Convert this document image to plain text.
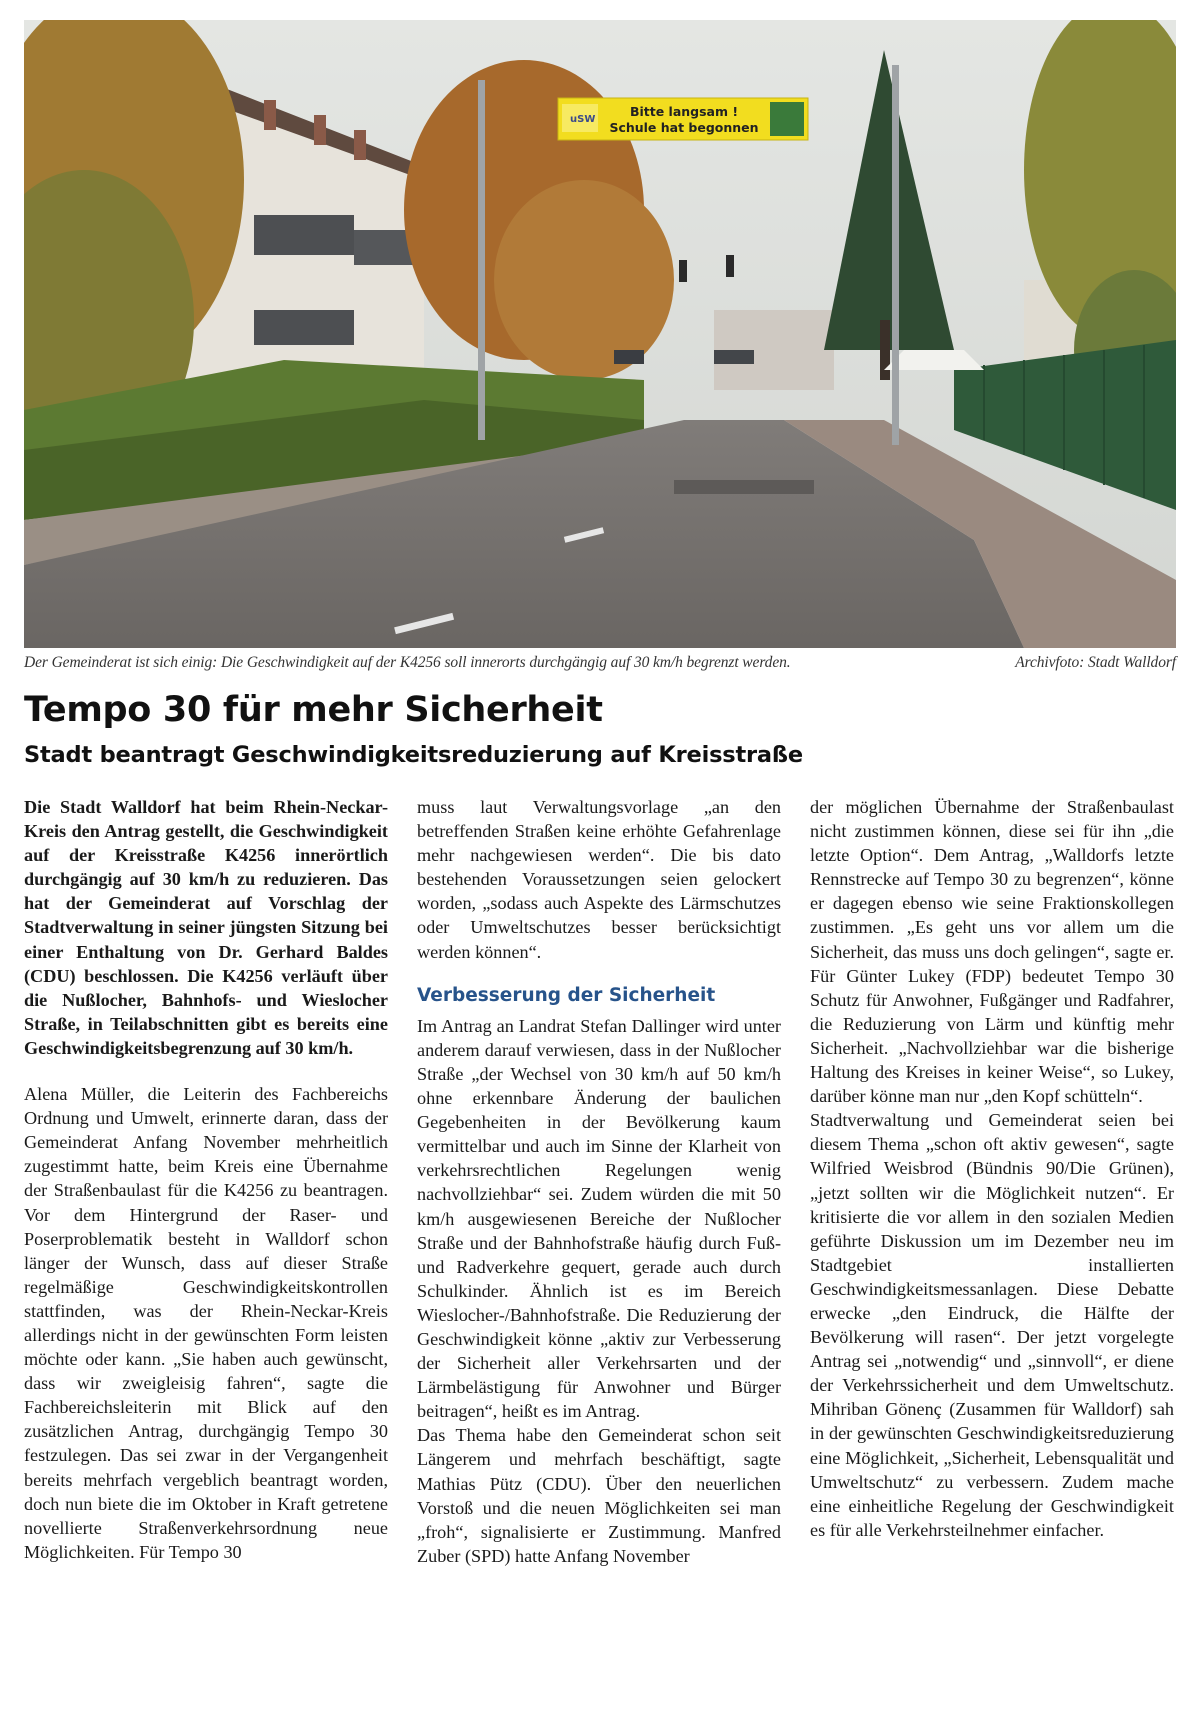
uSW
Bitte langsam !
Schule hat begonnen
Der Gemeinderat ist sich einig: Die Geschwindigkeit auf der K4256 soll innerorts durchgängig auf 30 km/h begrenzt werden.	Archivfoto: Stadt Walldorf
Tempo 30 für mehr Sicherheit
Stadt beantragt Geschwindigkeitsreduzierung auf Kreisstraße

Die Stadt Walldorf hat beim Rhein-Neckar-Kreis den Antrag gestellt, die Geschwindigkeit auf der Kreisstraße K4256 innerörtlich durchgängig auf 30 km/h zu reduzieren. Das hat der Gemeinderat auf Vorschlag der Stadtverwaltung in seiner jüngsten Sitzung bei einer Enthaltung von Dr. Gerhard Baldes (CDU) beschlossen. Die K4256 verläuft über die Nußlocher, Bahnhofs- und Wieslocher Straße, in Teilabschnitten gibt es bereits eine Geschwindigkeitsbegrenzung auf 30 km/h.

Alena Müller, die Leiterin des Fachbereichs Ordnung und Umwelt, erinnerte daran, dass der Gemeinderat Anfang November mehrheitlich zugestimmt hatte, beim Kreis eine Übernahme der Straßenbaulast für die K4256 zu beantragen. Vor dem Hintergrund der Raser- und Poserproblematik besteht in Walldorf schon länger der Wunsch, dass auf dieser Straße regelmäßige Geschwindigkeitskontrollen stattfinden, was der Rhein-Neckar-Kreis allerdings nicht in der gewünschten Form leisten möchte oder kann. „Sie haben auch gewünscht, dass wir zweigleisig fahren“, sagte die Fachbereichsleiterin mit Blick auf den zusätzlichen Antrag, durchgängig Tempo 30 festzulegen. Das sei zwar in der Vergangenheit bereits mehrfach vergeblich beantragt worden, doch nun biete die im Oktober in Kraft getretene novellierte Straßenverkehrsordnung neue Möglichkeiten. Für Tempo 30

muss laut Verwaltungsvorlage „an den betreffenden Straßen keine erhöhte Gefahrenlage mehr nachgewiesen werden“. Die bis dato bestehenden Voraussetzungen seien gelockert worden, „sodass auch Aspekte des Lärmschutzes oder Umweltschutzes besser berücksichtigt werden können“.

Verbesserung der Sicherheit

Im Antrag an Landrat Stefan Dallinger wird unter anderem darauf verwiesen, dass in der Nußlocher Straße „der Wechsel von 30 km/h auf 50 km/h ohne erkennbare Änderung der baulichen Gegebenheiten in der Bevölkerung kaum vermittelbar und auch im Sinne der Klarheit von verkehrsrechtlichen Regelungen wenig nachvollziehbar“ sei. Zudem würden die mit 50 km/h ausgewiesenen Bereiche der Nußlocher Straße und der Bahnhofstraße häufig durch Fuß- und Radverkehre gequert, gerade auch durch Schulkinder. Ähnlich ist es im Bereich Wieslocher-/Bahnhofstraße. Die Reduzierung der Geschwindigkeit könne „aktiv zur Verbesserung der Sicherheit aller Verkehrsarten und der Lärmbelästigung für Anwohner und Bürger beitragen“, heißt es im Antrag.

Das Thema habe den Gemeinderat schon seit Längerem und mehrfach beschäftigt, sagte Mathias Pütz (CDU). Über den neuerlichen Vorstoß und die neuen Möglichkeiten sei man „froh“, signalisierte er Zustimmung. Manfred Zuber (SPD) hatte Anfang November

der möglichen Übernahme der Straßenbaulast nicht zustimmen können, diese sei für ihn „die letzte Option“. Dem Antrag, „Walldorfs letzte Rennstrecke auf Tempo 30 zu begrenzen“, könne er dagegen ebenso wie seine Fraktionskollegen zustimmen. „Es geht uns vor allem um die Sicherheit, das muss uns doch gelingen“, sagte er. Für Günter Lukey (FDP) bedeutet Tempo 30 Schutz für Anwohner, Fußgänger und Radfahrer, die Reduzierung von Lärm und künftig mehr Sicherheit. „Nachvollziehbar war die bisherige Haltung des Kreises in keiner Weise“, so Lukey, darüber könne man nur „den Kopf schütteln“.

Stadtverwaltung und Gemeinderat seien bei diesem Thema „schon oft aktiv gewesen“, sagte Wilfried Weisbrod (Bündnis 90/Die Grünen), „jetzt sollten wir die Möglichkeit nutzen“. Er kritisierte die vor allem in den sozialen Medien geführte Diskussion um im Dezember neu im Stadtgebiet installierten Geschwindigkeitsmessanlagen. Diese Debatte erwecke „den Eindruck, die Hälfte der Bevölkerung will rasen“. Der jetzt vorgelegte Antrag sei „notwendig“ und „sinnvoll“, er diene der Verkehrssicherheit und dem Umweltschutz. Mihriban Gönenç (Zusammen für Walldorf) sah in der gewünschten Geschwindigkeitsreduzierung eine Möglichkeit, „Sicherheit, Lebensqualität und Umweltschutz“ zu verbessern. Zudem mache eine einheitliche Regelung der Geschwindigkeit es für alle Verkehrsteilnehmer einfacher.
